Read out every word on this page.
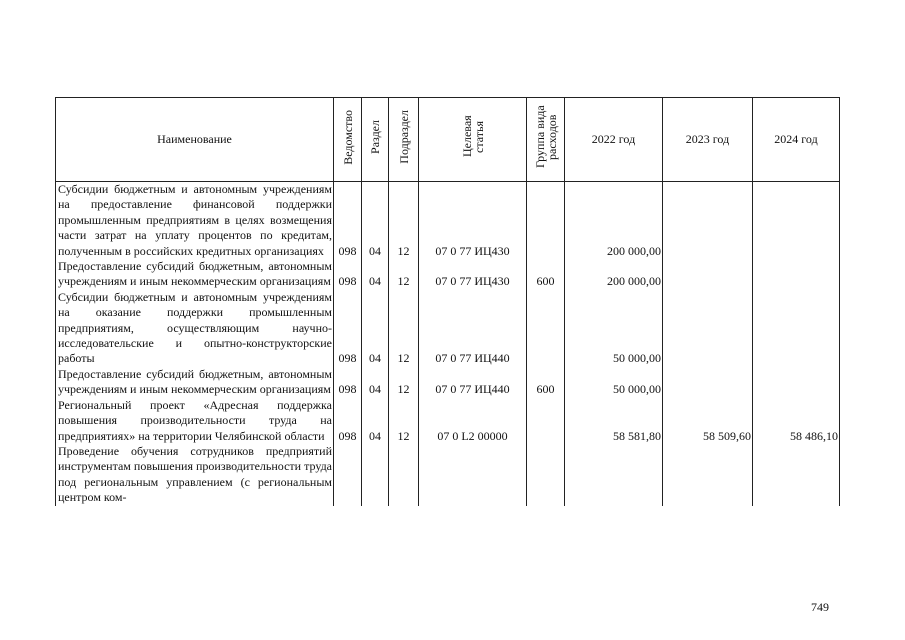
Наименование	Ведомство	Раздел	Подраздел	Целевая статья	Группа вида расходов	2022 год	2023 год	2024 год
Субсидии бюджетным и автономным учреждениям на предоставление финансовой поддержки промышленным предприятиям в целях возмещения части затрат на уплату процентов по кредитам, полученным в российских кредитных организациях	098	04	12	07 0 77 ИЦ430		200 000,00		
Предоставление субсидий бюджетным, автономным учреждениям и иным некоммерческим организациям	098	04	12	07 0 77 ИЦ430	600	200 000,00		
Субсидии бюджетным и автономным учреждениям на оказание поддержки промышленным предприятиям, осуществляющим научно-исследовательские и опытно-конструкторские работы	098	04	12	07 0 77 ИЦ440		50 000,00		
Предоставление субсидий бюджетным, автономным учреждениям и иным некоммерческим организациям	098	04	12	07 0 77 ИЦ440	600	50 000,00		
Региональный проект «Адресная поддержка повышения производительности труда на предприятиях» на территории Челябинской области	098	04	12	07 0 L2 00000		58 581,80	58 509,60	58 486,10
Проведение обучения сотрудников предприятий инструментам повышения производительности труда под региональным управлением (с региональным центром ком-								
749
